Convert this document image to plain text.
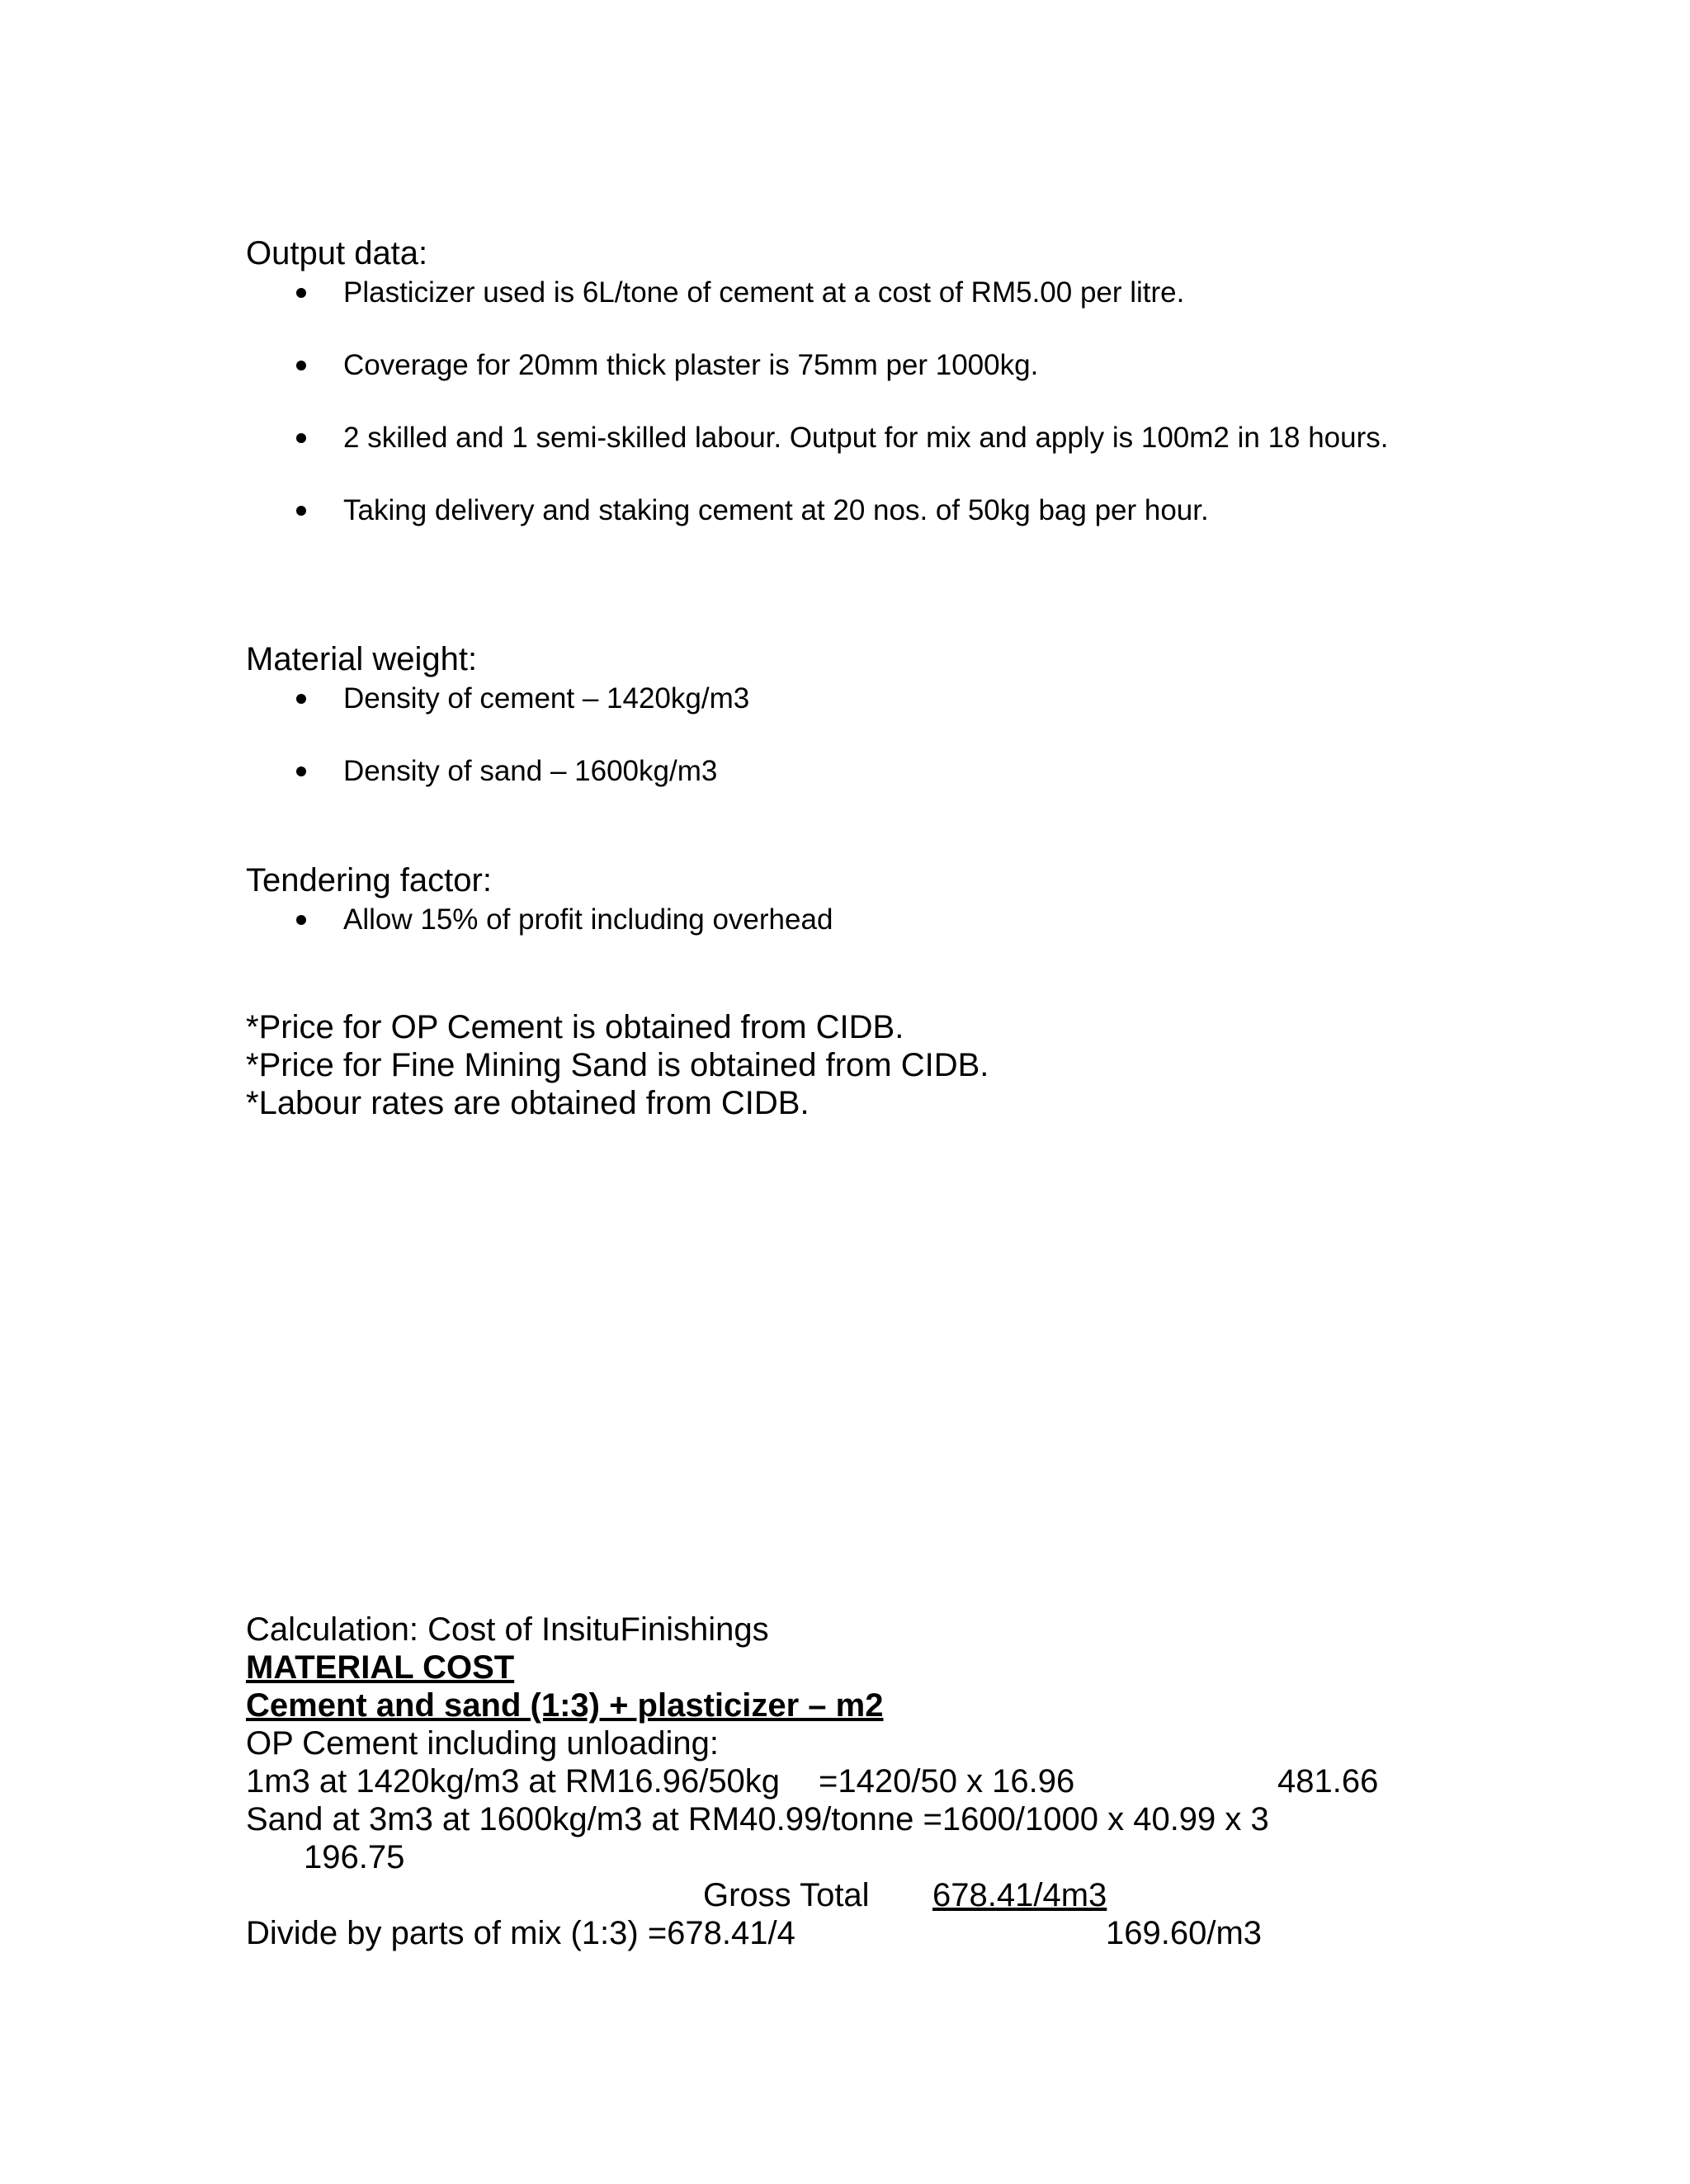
Output data:
Plasticizer used is 6L/tone of cement at a cost of RM5.00 per litre.
Coverage for 20mm thick plaster is 75mm per 1000kg.
2 skilled and 1 semi-skilled labour. Output for mix and apply is 100m2 in 18 hours.
Taking delivery and staking cement at 20 nos. of 50kg bag per hour.
Material weight:
Density of cement – 1420kg/m3
Density of sand – 1600kg/m3
Tendering factor:
Allow 15% of profit including overhead
*Price for OP Cement is obtained from CIDB.
*Price for Fine Mining Sand is obtained from CIDB.
*Labour rates are obtained from CIDB.
Calculation: Cost of InsituFinishings
MATERIAL COST
Cement and sand (1:3) + plasticizer – m2
OP Cement including unloading:
1m3 at 1420kg/m3 at RM16.96/50kg =1420/50 x 16.96	481.66
Sand at 3m3 at 1600kg/m3 at RM40.99/tonne =1600/1000 x 40.99 x 3
196.75
Gross Total 678.41/4m3
Divide by parts of mix (1:3) =678.41/4	169.60/m3
